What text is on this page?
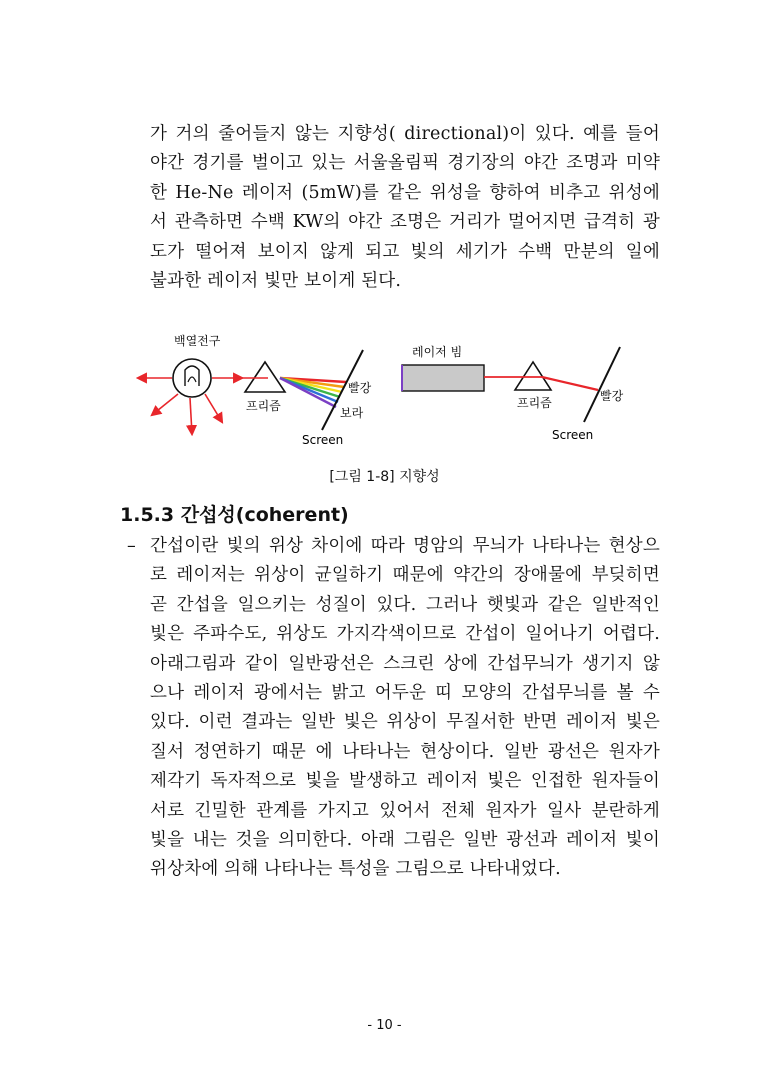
가 거의 줄어들지 않는 지향성( directional)이 있다. 예를 들어
야간 경기를 벌이고 있는 서울올림픽 경기장의 야간 조명과 미약
한 He-Ne 레이저 (5mW)를 같은 위성을 향하여 비추고 위성에
서 관측하면 수백 KW의 야간 조명은 거리가 멀어지면 급격히 광
도가 떨어져 보이지 않게 되고 빛의 세기가 수백 만분의 일에
불과한 레이저 빛만 보이게 된다.
백열전구
빨강
보라
프리즘
Screen
레이저 빔
프리즘	빨강
Screen
[그림 1-8] 지향성
1.5.3 간섭성(coherent)
– 간섭이란 빛의 위상 차이에 따라 명암의 무늬가 나타나는 현상으
로 레이저는 위상이 균일하기 때문에 약간의 장애물에 부딪히면
곧 간섭을 일으키는 성질이 있다. 그러나 햇빛과 같은 일반적인
빛은 주파수도, 위상도 가지각색이므로 간섭이 일어나기 어렵다.
아래그림과 같이 일반광선은 스크린 상에 간섭무늬가 생기지 않
으나 레이저 광에서는 밝고 어두운 띠 모양의 간섭무늬를 볼 수
있다. 이런 결과는 일반 빛은 위상이 무질서한 반면 레이저 빛은
질서 정연하기 때문 에 나타나는 현상이다. 일반 광선은 원자가
제각기 독자적으로 빛을 발생하고 레이저 빛은 인접한 원자들이
서로 긴밀한 관계를 가지고 있어서 전체 원자가 일사 분란하게
빛을 내는 것을 의미한다. 아래 그림은 일반 광선과 레이저 빛이
위상차에 의해 나타나는 특성을 그림으로 나타내었다.
- 10 -
